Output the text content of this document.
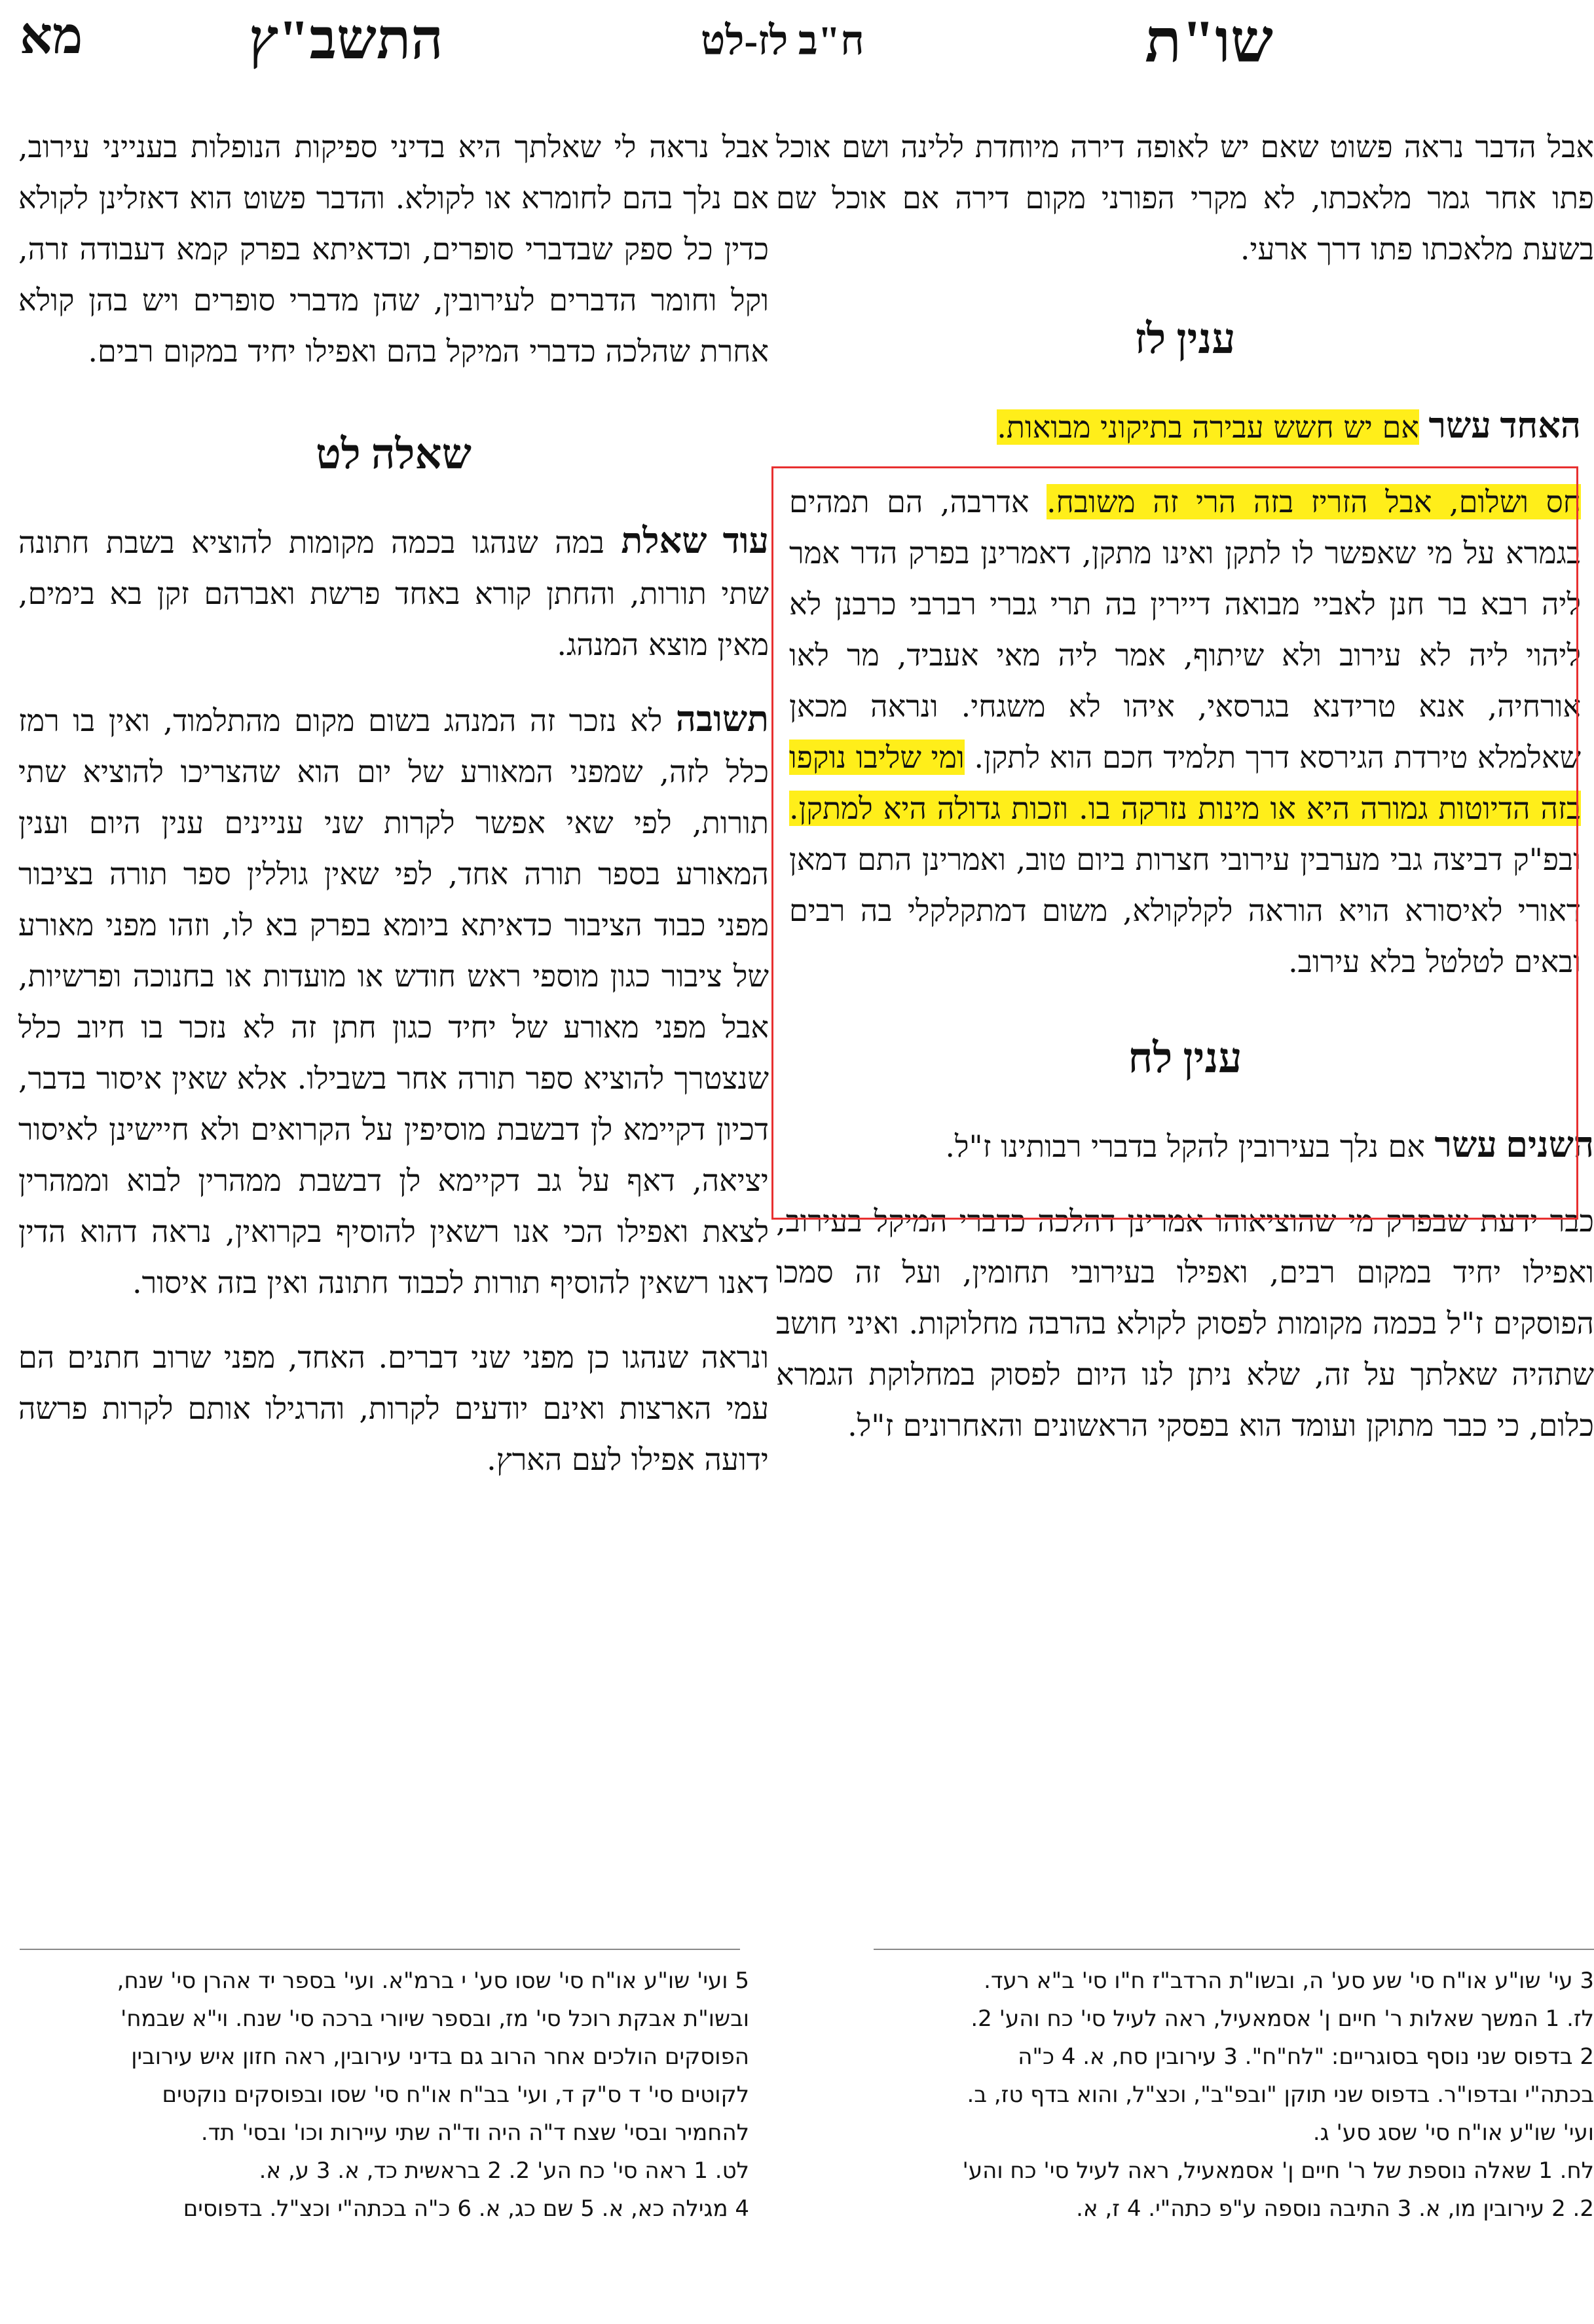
שו"ת
ח"ב לז-לט
התשב"ץ
מא

אבל הדבר נראה פשוט שאם יש לאופה דירה מיוחדת ללינה ושם אוכל פתו אחר גמר מלאכתו, לא מקרי הפורני מקום דירה אם אוכל שם בשעת מלאכתו פתו דרך ארעי.

ענין לז

האחד עשר אם יש חשש עבירה בתיקוני מבואות.

חס ושלום, אבל הזריז בזה הרי זה משובח. אדרבה, הם תמהים בגמרא על מי שאפשר לו לתקן ואינו מתקן, דאמרינן בפרק הדר אמר ליה רבא בר חנן לאביי מבואה דיירין בה תרי גברי רברבי כרבנן לא ליהוי ליה לא עירוב ולא שיתוף, אמר ליה מאי אעביד, מר לאו אורחיה, אנא טרידנא בגרסאי, איהו לא משגחי. ונראה מכאן שאלמלא טירדת הגירסא דרך תלמיד חכם הוא לתקן. ומי שליבו נוקפו בזה הדיוטות גמורה היא או מינות נזרקה בו. וזכות גדולה היא למתקן. ובפ"ק דביצה גבי מערבין עירובי חצרות ביום טוב, ואמרינן התם דמאן דאורי לאיסורא הויא הוראה לקלקולא, משום דמתקלקלי בה רבים ובאים לטלטל בלא עירוב.

ענין לח

השנים עשר אם נלך בעירובין להקל בדברי רבותינו ז"ל.

כבר ידעת שבפרק מי שהוציאוהו אמרינן דהלכה כדברי המיקל בעירוב, ואפילו יחיד במקום רבים, ואפילו בעירובי תחומין, ועל זה סמכו הפוסקים ז"ל בכמה מקומות לפסוק לקולא בהרבה מחלוקות. ואיני חושב שתהיה שאלתך על זה, שלא ניתן לנו היום לפסוק במחלוקת הגמרא כלום, כי כבר מתוקן ועומד הוא בפסקי הראשונים והאחרונים ז"ל.

אבל נראה לי שאלתך היא בדיני ספיקות הנופלות בענייני עירוב, אם נלך בהם לחומרא או לקולא. והדבר פשוט הוא דאזלינן לקולא כדין כל ספק שבדברי סופרים, וכדאיתא בפרק קמא דעבודה זרה, וקל וחומר הדברים לעירובין, שהן מדברי סופרים ויש בהן קולא אחרת שהלכה כדברי המיקל בהם ואפילו יחיד במקום רבים.

שאלה לט

עוד שאלת במה שנהגו בכמה מקומות להוציא בשבת חתונה שתי תורות, והחתן קורא באחד פרשת ואברהם זקן בא בימים, מאין מוצא המנהג.

תשובה לא נזכר זה המנהג בשום מקום מהתלמוד, ואין בו רמז כלל לזה, שמפני המאורע של יום הוא שהצריכו להוציא שתי תורות, לפי שאי אפשר לקרות שני עניינים ענין היום וענין המאורע בספר תורה אחד, לפי שאין גוללין ספר תורה בציבור מפני כבוד הציבור כדאיתא ביומא בפרק בא לו, וזהו מפני מאורע של ציבור כגון מוספי ראש חודש או מועדות או בחנוכה ופרשיות, אבל מפני מאורע של יחיד כגון חתן זה לא נזכר בו חיוב כלל שנצטרך להוציא ספר תורה אחר בשבילו. אלא שאין איסור בדבר, דכיון דקיימא לן דבשבת מוסיפין על הקרואים ולא חיישינן לאיסור יציאה, דאף על גב דקיימא לן דבשבת ממהרין לבוא וממהרין לצאת ואפילו הכי אנו רשאין להוסיף בקרואין, נראה דהוא הדין דאנו רשאין להוסיף תורות לכבוד חתונה ואין בזה איסור.

ונראה שנהגו כן מפני שני דברים. האחד, מפני שרוב חתנים הם עמי הארצות ואינם יודעים לקרות, והרגילו אותם לקרות פרשה ידועה אפילו לעם הארץ.

3 עי' שו"ע או"ח סי' שע סע' ה, ובשו"ת הרדב"ז ח"ו סי' ב"א רעד.

לז. 1 המשך שאלות ר' חיים ן' אסמאעיל, ראה לעיל סי' כח והע' 2.

2 בדפוס שני נוסף בסוגריים: "לח"ח". 3 עירובין סח, א. 4 כ"ה

בכתה"י ובדפו"ר. בדפוס שני תוקן "ובפ"ב", וכצ"ל, והוא בדף טז, ב.

ועי' שו"ע או"ח סי' שסג סע' ג.

לח. 1 שאלה נוספת של ר' חיים ן' אסמאעיל, ראה לעיל סי' כח והע'

2. 2 עירובין מו, א. 3 התיבה נוספה ע"פ כתה"י. 4 ז, א.

5 ועי' שו"ע או"ח סי' שסו סע' י ברמ"א. ועי' בספר יד אהרן סי' שנח,

ובשו"ת אבקת רוכל סי' מז, ובספר שיורי ברכה סי' שנח. וי"א שבמח'

הפוסקים הולכים אחר הרוב גם בדיני עירובין, ראה חזון איש עירובין

לקוטים סי' ד ס"ק ד, ועי' בב"ח או"ח סי' שסו ובפוסקים נוקטים

להחמיר ובסי' שצח ד"ה היה וד"ה שתי עיירות וכו' ובסי' תד.

לט. 1 ראה סי' כח הע' 2. 2 בראשית כד, א. 3 ע, א.

4 מגילה כא, א. 5 שם כג, א. 6 כ"ה בכתה"י וכצ"ל. בדפוסים
